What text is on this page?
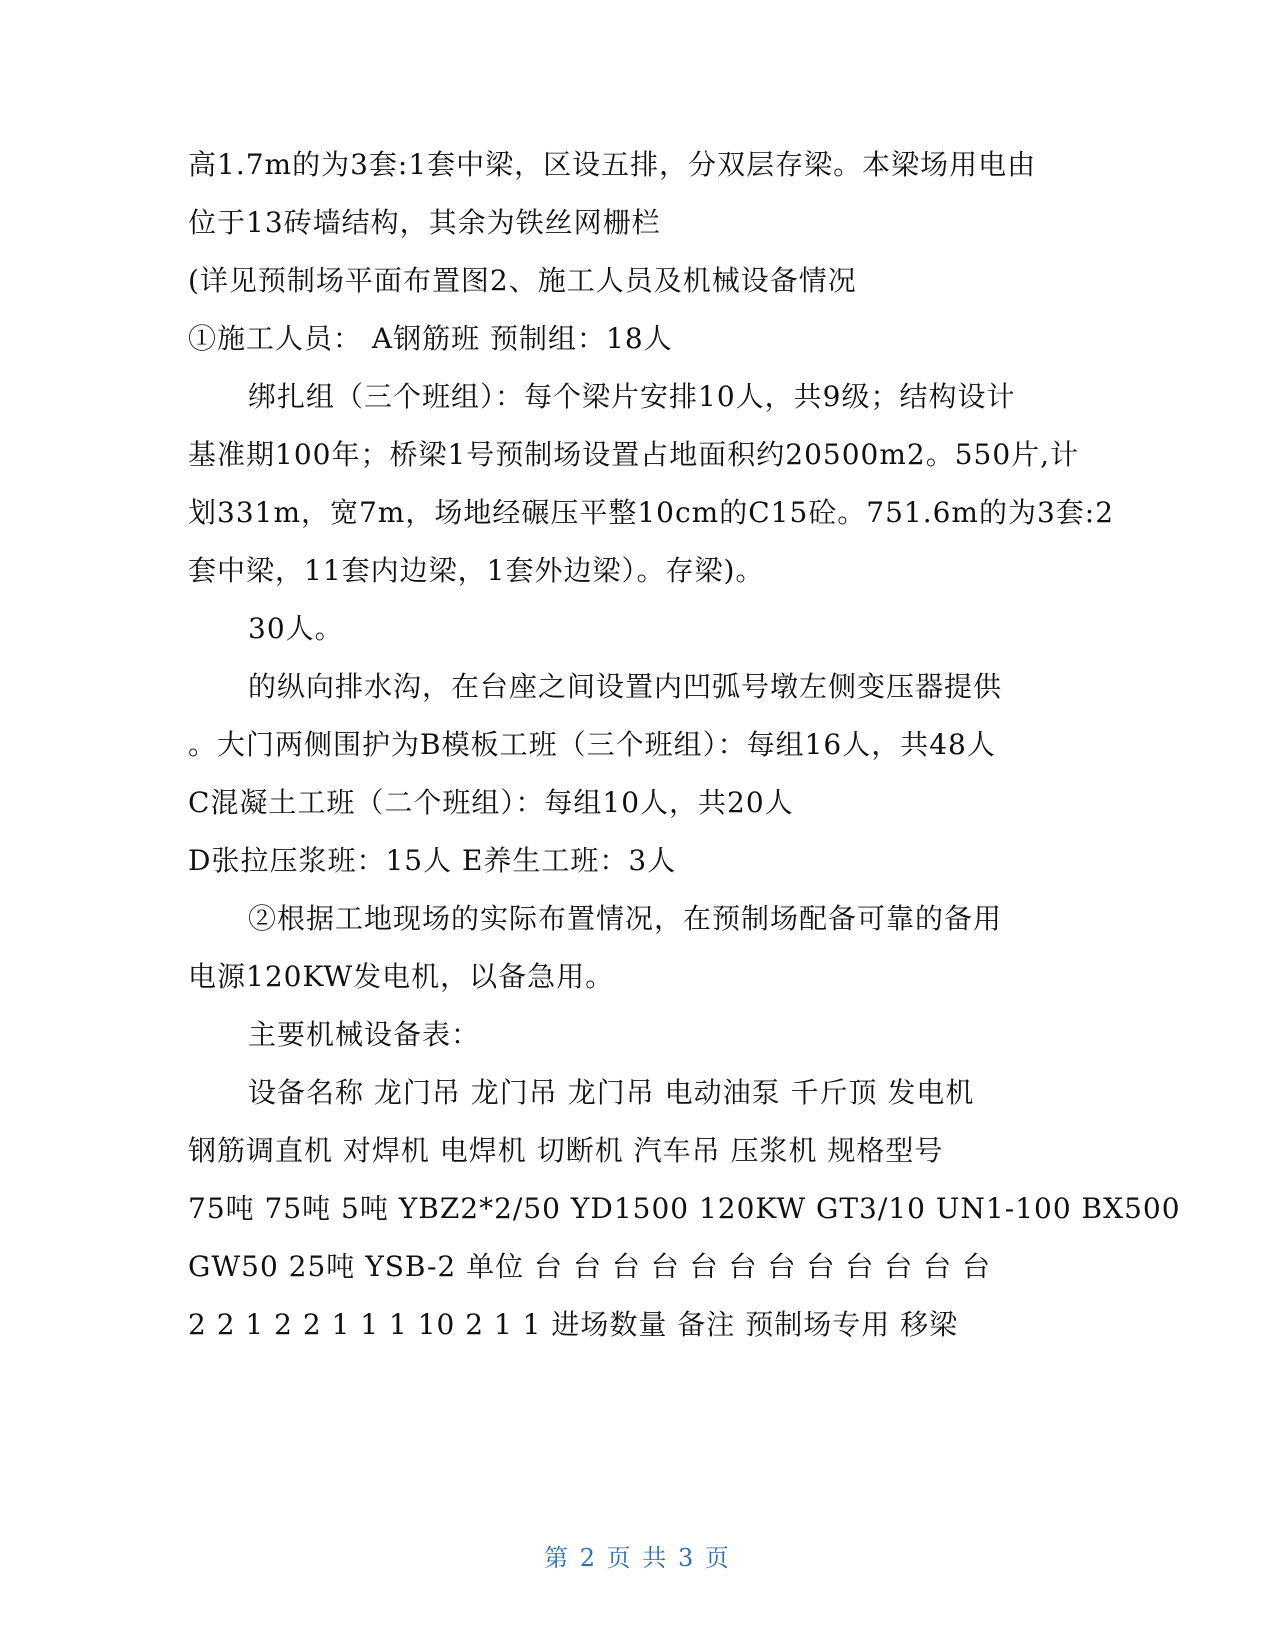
高1.7m的为3套:1套中梁，区设五排，分双层存梁。本梁场用电由
位于13砖墙结构，其余为铁丝网栅栏
(详见预制场平面布置图2、施工人员及机械设备情况
①施工人员： A钢筋班 预制组：18人
绑扎组（三个班组）：每个梁片安排10人，共9级；结构设计
基准期100年；桥梁1号预制场设置占地面积约20500m2。550片,计
划331m，宽7m，场地经碾压平整10cm的C15砼。751.6m的为3套:2
套中梁，11套内边梁，1套外边梁）。存梁)。
30人。
的纵向排水沟，在台座之间设置内凹弧号墩左侧变压器提供
。大门两侧围护为B模板工班（三个班组）：每组16人，共48人
C混凝土工班（二个班组）：每组10人，共20人
D张拉压浆班：15人 E养生工班：3人
②根据工地现场的实际布置情况，在预制场配备可靠的备用
电源120KW发电机，以备急用。
主要机械设备表：
设备名称 龙门吊 龙门吊 龙门吊 电动油泵 千斤顶 发电机
钢筋调直机 对焊机 电焊机 切断机 汽车吊 压浆机 规格型号
75吨 75吨 5吨 YBZ2*2/50 YD1500 120KW GT3/10 UN1-100 BX500
GW50 25吨 YSB-2 单位 台 台 台 台 台 台 台 台 台 台 台 台
2 2 1 2 2 1 1 1 10 2 1 1 进场数量 备注 预制场专用 移梁
第 2 页 共 3 页
